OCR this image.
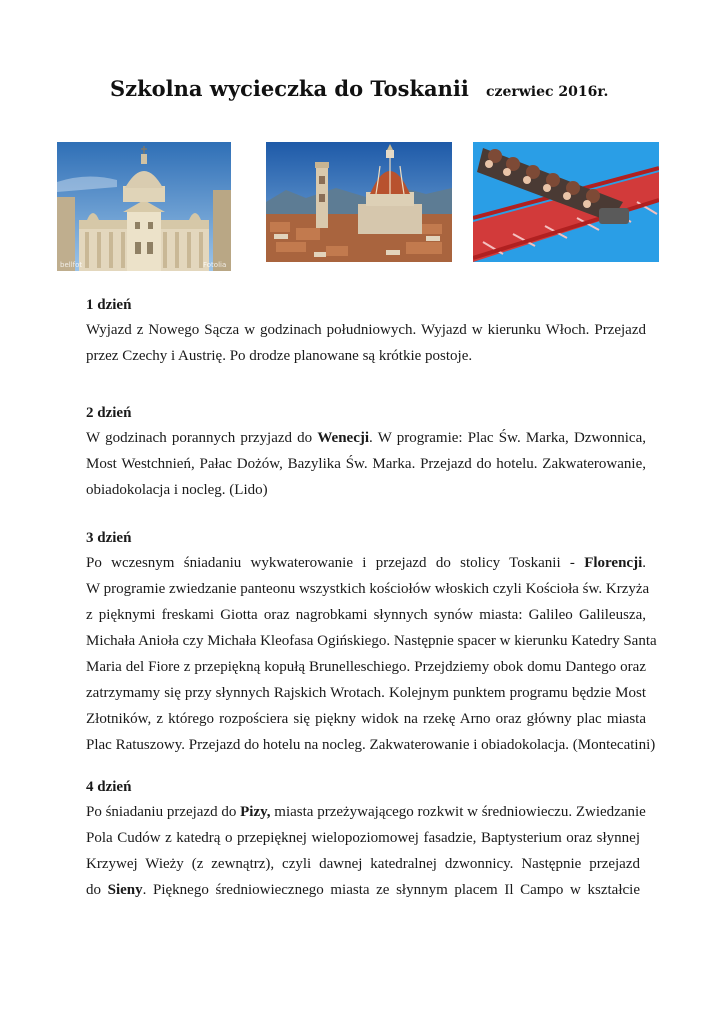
Szkolna wycieczka do Toskanii czerwiec 2016r.
bellfot	Fotolia
1 dzień
Wyjazd z Nowego Sącza w godzinach południowych. Wyjazd w kierunku Włoch. Przejazd
przez Czechy i Austrię. Po drodze planowane są krótkie postoje.
2 dzień
W godzinach porannych przyjazd do Wenecji. W programie: Plac Św. Marka, Dzwonnica,
Most Westchnień, Pałac Dożów, Bazylika Św. Marka. Przejazd do hotelu. Zakwaterowanie,
obiadokolacja i nocleg. (Lido)
3 dzień
Po wczesnym śniadaniu wykwaterowanie i przejazd do stolicy Toskanii - Florencji.
W programie zwiedzanie panteonu wszystkich kościołów włoskich czyli Kościoła św. Krzyża
z pięknymi freskami Giotta oraz nagrobkami słynnych synów miasta: Galileo Galileusza,
Michała Anioła czy Michała Kleofasa Ogińskiego. Następnie spacer w kierunku Katedry Santa
Maria del Fiore z przepiękną kopułą Brunelleschiego. Przejdziemy obok domu Dantego oraz
zatrzymamy się przy słynnych Rajskich Wrotach. Kolejnym punktem programu będzie Most
Złotników, z którego rozpościera się piękny widok na rzekę Arno oraz główny plac miasta
Plac Ratuszowy. Przejazd do hotelu na nocleg. Zakwaterowanie i obiadokolacja. (Montecatini)
4 dzień
Po śniadaniu przejazd do Pizy, miasta przeżywającego rozkwit w średniowieczu. Zwiedzanie
Pola Cudów z katedrą o przepięknej wielopoziomowej fasadzie, Baptysterium oraz słynnej
Krzywej Wieży (z zewnątrz), czyli dawnej katedralnej dzwonnicy. Następnie przejazd
do Sieny. Pięknego średniowiecznego miasta ze słynnym placem Il Campo w kształcie
